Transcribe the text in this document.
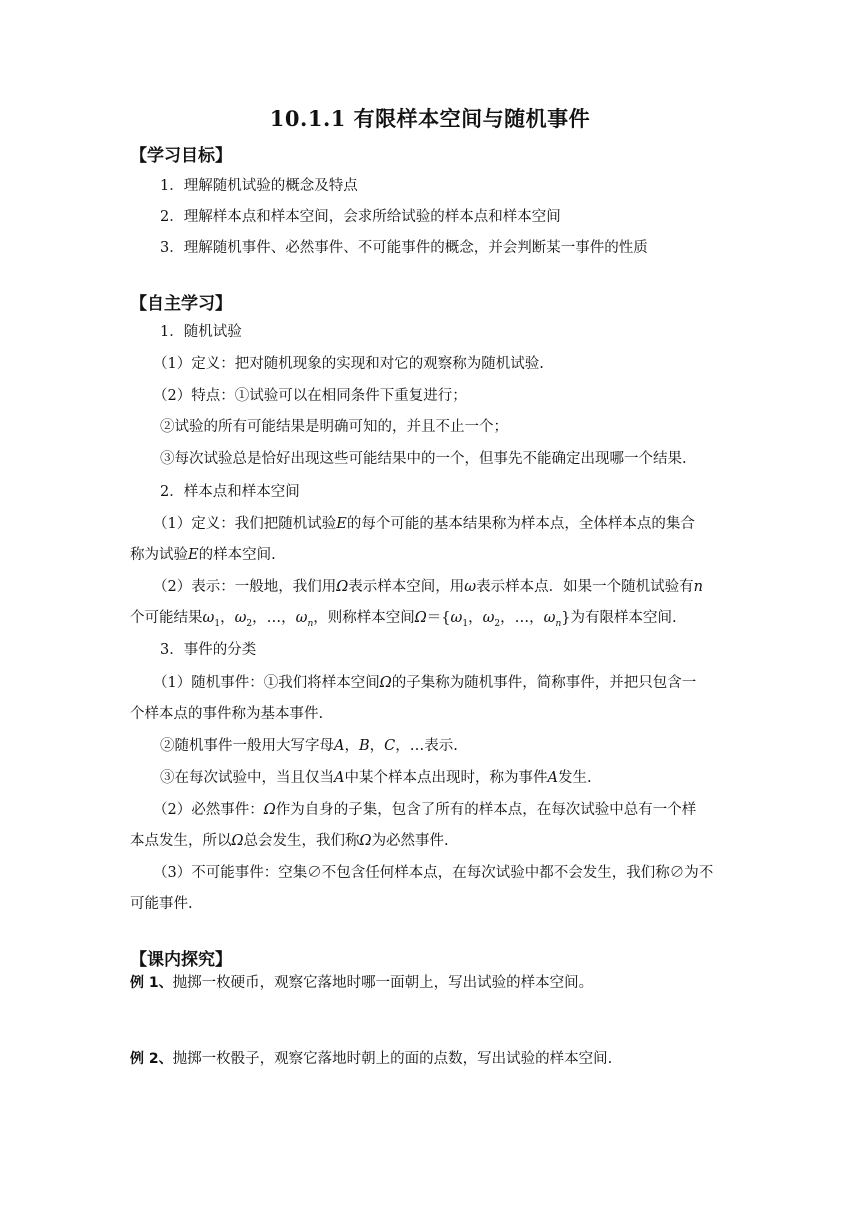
10.1.1 有限样本空间与随机事件
【学习目标】
1．理解随机试验的概念及特点
2．理解样本点和样本空间，会求所给试验的样本点和样本空间
3．理解随机事件、必然事件、不可能事件的概念，并会判断某一事件的性质
【自主学习】
1．随机试验
（1）定义：把对随机现象的实现和对它的观察称为随机试验.
（2）特点：①试验可以在相同条件下重复进行；
②试验的所有可能结果是明确可知的，并且不止一个；
③每次试验总是恰好出现这些可能结果中的一个，但事先不能确定出现哪一个结果.
2．样本点和样本空间
（1）定义：我们把随机试验E的每个可能的基本结果称为样本点，全体样本点的集合
称为试验E的样本空间.
（2）表示：一般地，我们用Ω表示样本空间，用ω表示样本点．如果一个随机试验有n
个可能结果$\omega_1$，$\omega_2$，…，$\omega_n$，则称样本空间$\Omega=\{\omega_1$，$\omega_2$，…，$\omega_n$}为有限样本空间.
3．事件的分类
（1）随机事件：①我们将样本空间Ω的子集称为随机事件，简称事件，并把只包含一
个样本点的事件称为基本事件.
②随机事件一般用大写字母A，B，C，…表示.
③在每次试验中，当且仅当A中某个样本点出现时，称为事件A发生.
（2）必然事件：Ω作为自身的子集，包含了所有的样本点，在每次试验中总有一个样
本点发生，所以Ω总会发生，我们称Ω为必然事件.
（3）不可能事件：空集∅不包含任何样本点，在每次试验中都不会发生，我们称∅为不
可能事件.
【课内探究】
例 1、抛掷一枚硬币，观察它落地时哪一面朝上，写出试验的样本空间。
例 2、抛掷一枚骰子，观察它落地时朝上的面的点数，写出试验的样本空间.
